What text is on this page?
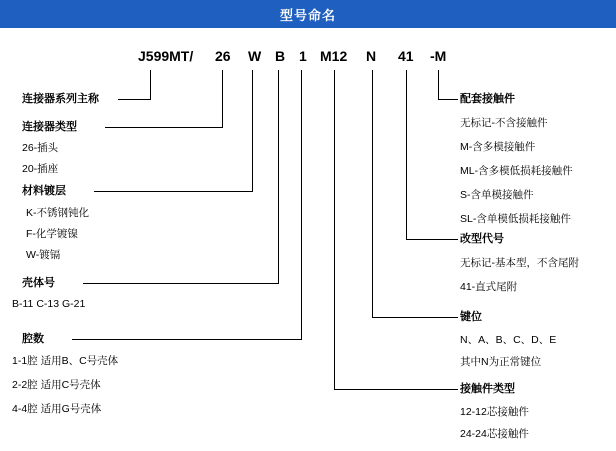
型号命名
J599MT/ 26 W B 1 M12 N 41 -M
连接器系列主称
连接器类型
26-插头
20-插座
材料镀层
K-不锈钢钝化
F-化学镀镍
W-镀镉
壳体号
B-11 C-13 G-21
腔数
1-1腔 适用B、C号壳体
2-2腔 适用C号壳体
4-4腔 适用G号壳体
配套接触件
无标记-不含接触件
M-含多模接触件
ML-含多模低损耗接触件
S-含单模接触件
SL-含单模低损耗接触件
改型代号
无标记-基本型，不含尾附
41-直式尾附
键位
N、A、B、C、D、E
其中N为正常键位
接触件类型
12-12芯接触件
24-24芯接触件
